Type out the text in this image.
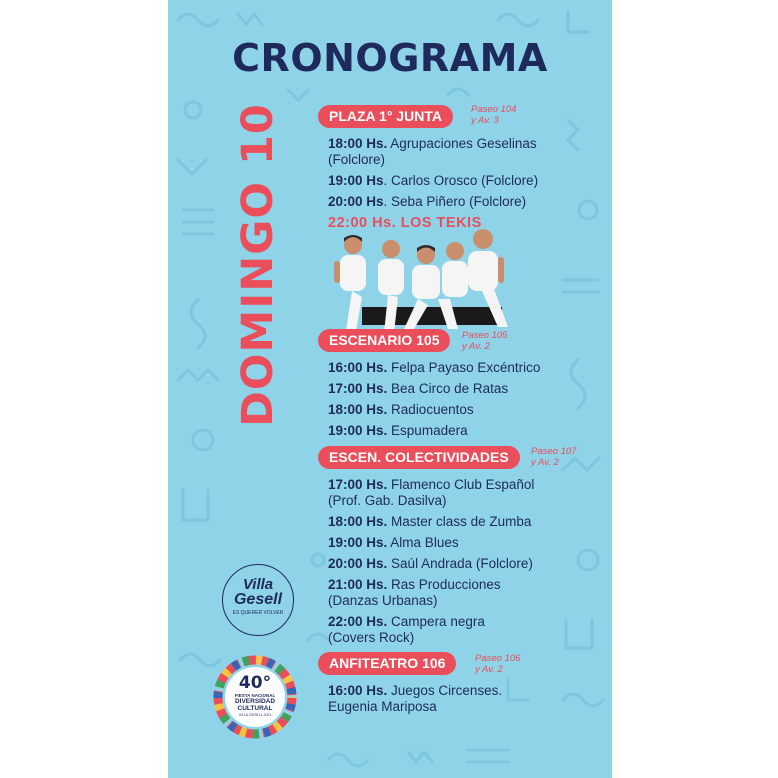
CRONOGRAMA
DOMINGO 10	PLAZA 1° JUNTA	Paseo 104
y Av. 3
18:00 Hs. Agrupaciones Geselinas
(Folclore)
19:00 Hs. Carlos Orosco (Folclore)
20:00 Hs. Seba Piñero (Folclore)
22:00 Hs. LOS TEKIS
ESCENARIO 105	Paseo 105
y Av. 2
16:00 Hs. Felpa Payaso Excéntrico
17:00 Hs. Bea Circo de Ratas
18:00 Hs. Radiocuentos
19:00 Hs. Espumadera
ESCEN. COLECTIVIDADES	Paseo 107
y Av. 2
17:00 Hs. Flamenco Club Español
(Prof. Gab. Dasilva)
18:00 Hs. Master class de Zumba
19:00 Hs. Alma Blues
20:00 Hs. Saúl Andrada (Folclore)
21:00 Hs. Ras Producciones
(Danzas Urbanas)
22:00 Hs. Campera negra
(Covers Rock)
ANFITEATRO 106	Paseo 106
y Av. 2
16:00 Hs. Juegos Circenses.
Eugenia Mariposa
Villa
Gesell
ES QUERER VOLVER
40°
FIESTA NACIONAL
DIVERSIDAD
CULTURAL
VILLA GESELL 2021
